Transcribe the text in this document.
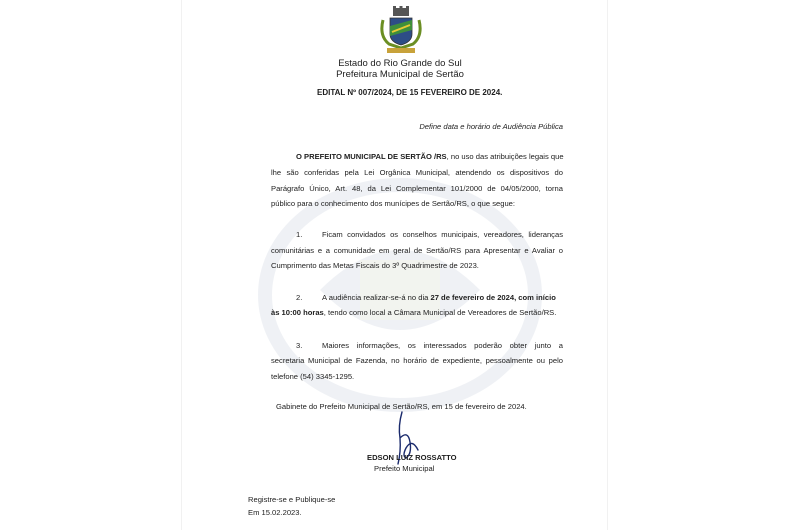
Estado do Rio Grande do Sul
Prefeitura Municipal de Sertão
EDITAL Nº 007/2024, DE 15 FEVEREIRO DE 2024.
Define data e horário de Audiência Pública
O PREFEITO MUNICIPAL DE SERTÃO /RS, no uso das atribuições legais que
lhe são conferidas pela Lei Orgânica Municipal, atendendo os dispositivos do
Parágrafo Único, Art. 48, da Lei Complementar 101/2000 de 04/05/2000, torna
público para o conhecimento dos munícipes de Sertão/RS, o que segue:
1.	Ficam convidados os conselhos municipais, vereadores, lideranças
comunitárias e a comunidade em geral de Sertão/RS para Apresentar e Avaliar o
Cumprimento das Metas Fiscais do 3º Quadrimestre de 2023.
2.	A audiência realizar-se-á no dia 27 de fevereiro de 2024, com início
às 10:00 horas, tendo como local a Câmara Municipal de Vereadores de Sertão/RS.
3.	Maiores informações, os interessados poderão obter junto a
secretaria Municipal de Fazenda, no horário de expediente, pessoalmente ou pelo
telefone (54) 3345-1295.
Gabinete do Prefeito Municipal de Sertão/RS, em 15 de fevereiro de 2024.
EDSON LUIZ ROSSATTO
Prefeito Municipal
Registre-se e Publique-se
Em 15.02.2023.
